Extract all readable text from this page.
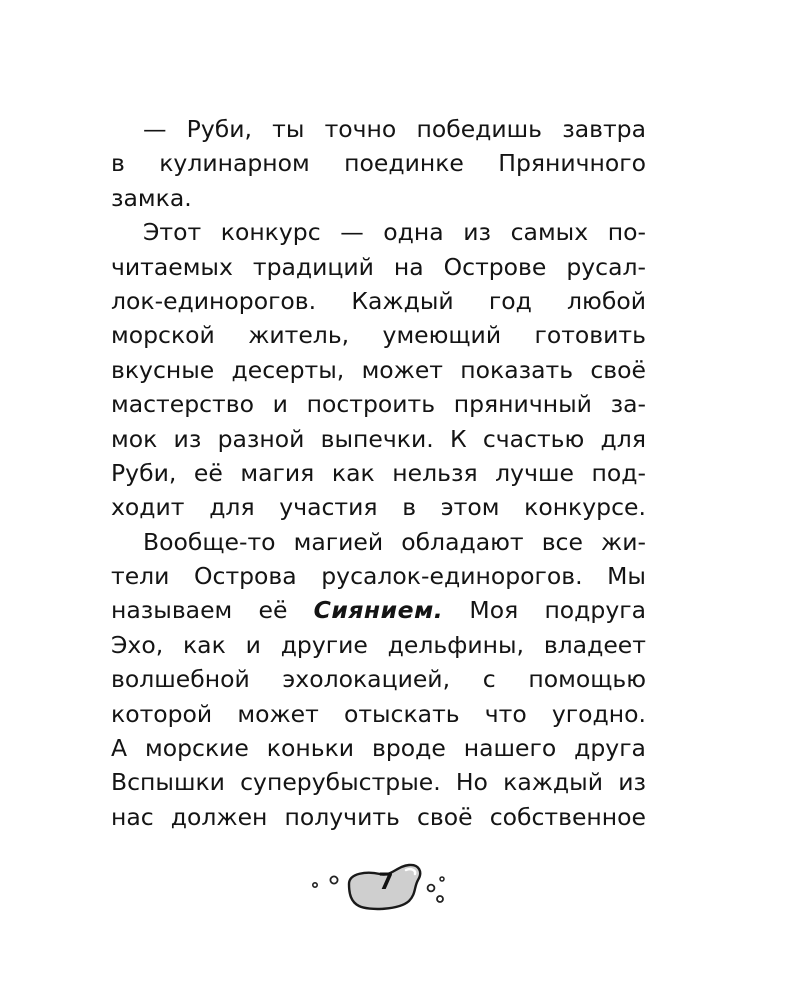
— Руби, ты точно победишь завтра
в кулинарном поединке Пряничного
замка.
Этот конкурс — одна из самых по-
читаемых традиций на Острове русал-
лок-единорогов. Каждый год любой
морской житель, умеющий готовить
вкусные десерты, может показать своё
мастерство и построить пряничный за-
мок из разной выпечки. К счастью для
Руби, её магия как нельзя лучше под-
ходит для участия в этом конкурсе.
Вообще-то магией обладают все жи-
тели Острова русалок-единорогов. Мы
называем её Сиянием. Моя подруга
Эхо, как и другие дельфины, владеет
волшебной эхолокацией, с помощью
которой может отыскать что угодно.
А морские коньки вроде нашего друга
Вспышки суперубыстрые. Но каждый из
нас должен получить своё собственное
7
